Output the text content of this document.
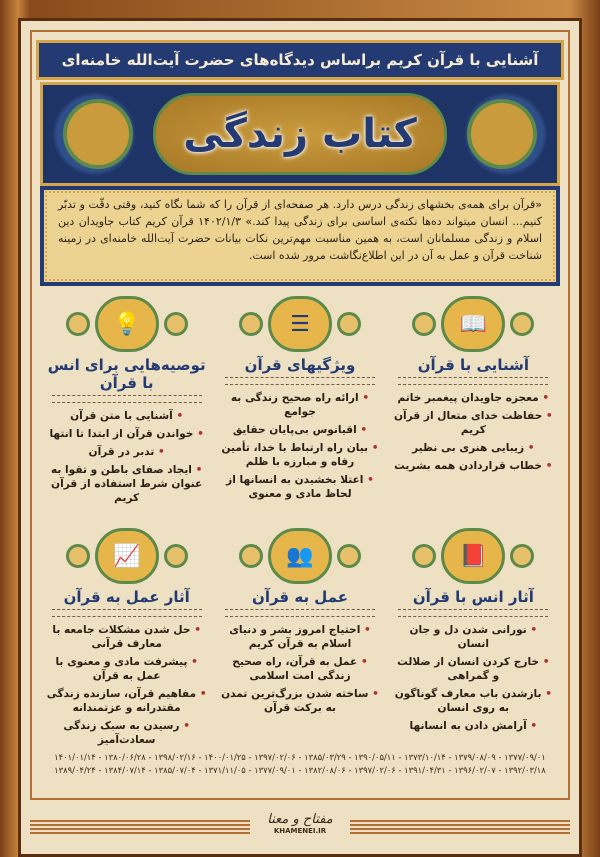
آشنایی با قرآن کریم براساس دیدگاه‌های حضرت آیت‌الله خامنه‌ای
کتاب زندگی
«قرآن برای همه‌ی بخشهای زندگی درس دارد. هر صفحه‌ای از قرآن را که شما نگاه کنید، وقتی دقّت و تدبّر کنیم... انسان میتواند ده‌ها نکته‌ی اساسی برای زندگی پیدا کند.» ۱۴۰۲/۱/۳ قرآن کریم کتاب جاویدان دین اسلام و زندگی مسلمانان است، به همین مناسبت مهم‌ترین نکات بیانات حضرت آیت‌الله خامنه‌ای در زمینه شناخت قرآن و عمل به آن در این اطلاع‌نگاشت مرور شده است.
📖
آشنایی با قرآن
• معجزه جاویدان پیغمبر خاتم
• حفاظت خدای متعال از قرآن کریم
• زیبایی هنری بی نظیر
• خطاب قراردادن همه بشریت
☰
ویژگیهای قرآن
• ارائه راه صحیح زندگی به جوامع
• اقیانوس بی‌پایان حقایق
• بیان راه ارتباط با خدا، تأمین رفاه و مبارزه با ظلم
• اعتلا بخشیدن به انسانها از لحاظ مادی و معنوی
💡
توصیه‌هایی برای انس با قرآن
• آشنایی با متن قرآن
• خواندن قرآن از ابتدا تا انتها
• تدبر در قرآن
• ایجاد صفای باطن و تقوا به عنوان شرط استفاده از قرآن کریم
📕
آثار انس با قرآن
• نورانی شدن دل و جان انسان
• خارج کردن انسان از ضلالت و گمراهی
• بازشدن باب معارف گوناگون به روی انسان
• آرامش دادن به انسانها
👥
عمل به قرآن
• احتیاج امروز بشر و دنیای اسلام به قرآن کریم
• عمل به قرآن، راه صحیح زندگی امت اسلامی
• ساخته شدن بزرگ‌ترین تمدن به برکت قرآن
📈
آثار عمل به قرآن
• حل شدن مشکلات جامعه با معارف قرآنی
• پیشرفت مادی و معنوی با عمل به قرآن
• مفاهیم قرآن، سازنده زندگی مقتدرانه و عزتمندانه
• رسیدن به سبک زندگی سعادت‌آمیز
۱۳۷۷/۰۹/۰۱ - ۱۳۷۹/۰۸/۰۹ - ۱۳۷۳/۱۰/۱۴ - ۱۳۹۰/۰۵/۱۱ - ۱۳۸۵/۰۳/۲۹ - ۱۳۹۷/۰۲/۰۶ - ۱۴۰۰/۰۱/۲۵ - ۱۳۹۸/۰۲/۱۶ - ۱۳۸۰/۰۶/۲۸ - ۱۴۰۱/۰۱/۱۴
۱۳۹۲/۰۳/۱۸ - ۱۳۹۶/۰۲/۰۷ - ۱۳۹۱/۰۴/۳۱ - ۱۳۹۷/۰۲/۰۶ - ۱۳۸۲/۰۸/۰۶ - ۱۳۷۷/۰۹/۰۱ - ۱۳۷۱/۱۱/۰۵ - ۱۳۸۵/۰۷/۰۴ - ۱۳۸۴/۰۷/۱۴ - ۱۳۸۹/۰۴/۲۴
مفتاح و معنا
KHAMENEI.IR
